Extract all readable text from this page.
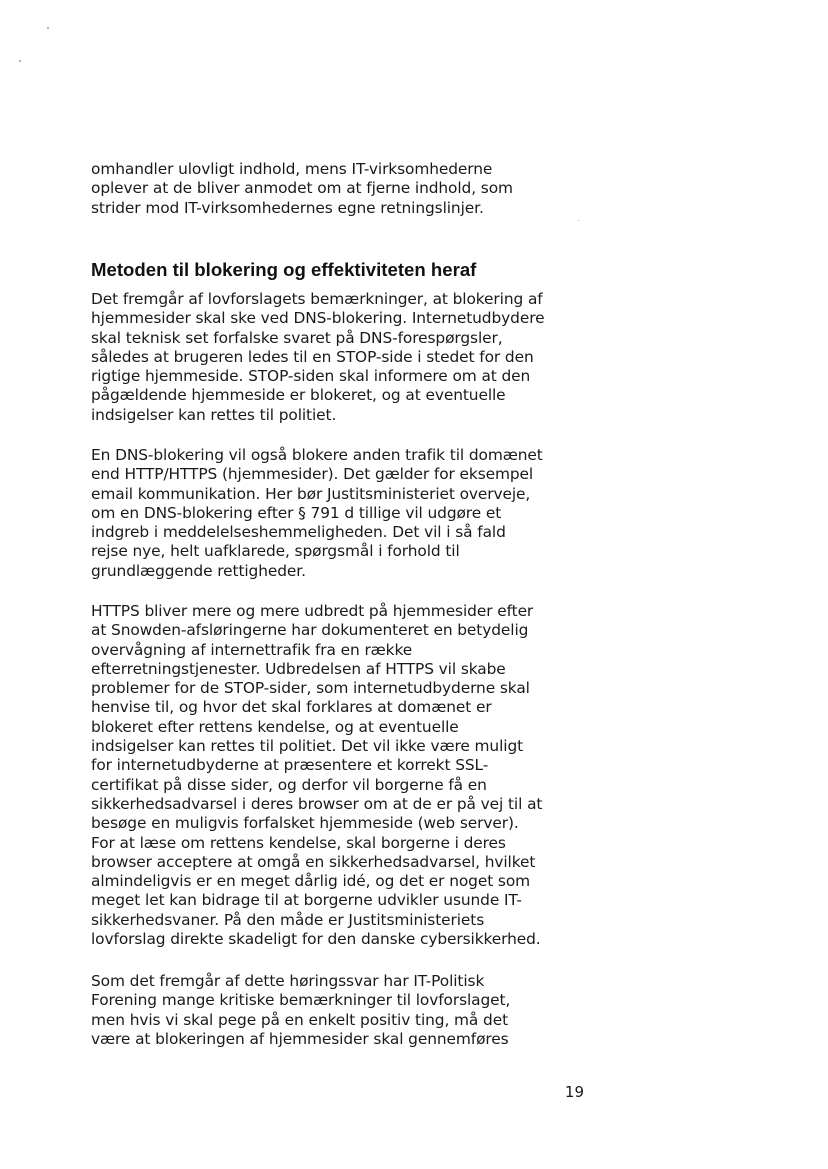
omhandler ulovligt indhold, mens IT-virksomhederne
oplever at de bliver anmodet om at fjerne indhold, som
strider mod IT-virksomhedernes egne retningslinjer.
Metoden til blokering og effektiviteten heraf
Det fremgår af lovforslagets bemærkninger, at blokering af
hjemmesider skal ske ved DNS-blokering. Internetudbydere
skal teknisk set forfalske svaret på DNS-forespørgsler,
således at brugeren ledes til en STOP-side i stedet for den
rigtige hjemmeside. STOP-siden skal informere om at den
pågældende hjemmeside er blokeret, og at eventuelle
indsigelser kan rettes til politiet.
En DNS-blokering vil også blokere anden trafik til domænet
end HTTP/HTTPS (hjemmesider). Det gælder for eksempel
email kommunikation. Her bør Justitsministeriet overveje,
om en DNS-blokering efter § 791 d tillige vil udgøre et
indgreb i meddelelseshemmeligheden. Det vil i så fald
rejse nye, helt uafklarede, spørgsmål i forhold til
grundlæggende rettigheder.
HTTPS bliver mere og mere udbredt på hjemmesider efter
at Snowden-afsløringerne har dokumenteret en betydelig
overvågning af internettrafik fra en række
efterretningstjenester. Udbredelsen af HTTPS vil skabe
problemer for de STOP-sider, som internetudbyderne skal
henvise til, og hvor det skal forklares at domænet er
blokeret efter rettens kendelse, og at eventuelle
indsigelser kan rettes til politiet. Det vil ikke være muligt
for internetudbyderne at præsentere et korrekt SSL-
certifikat på disse sider, og derfor vil borgerne få en
sikkerhedsadvarsel i deres browser om at de er på vej til at
besøge en muligvis forfalsket hjemmeside (web server).
For at læse om rettens kendelse, skal borgerne i deres
browser acceptere at omgå en sikkerhedsadvarsel, hvilket
almindeligvis er en meget dårlig idé, og det er noget som
meget let kan bidrage til at borgerne udvikler usunde IT-
sikkerhedsvaner. På den måde er Justitsministeriets
lovforslag direkte skadeligt for den danske cybersikkerhed.
Som det fremgår af dette høringssvar har IT-Politisk
Forening mange kritiske bemærkninger til lovforslaget,
men hvis vi skal pege på en enkelt positiv ting, må det
være at blokeringen af hjemmesider skal gennemføres
19
